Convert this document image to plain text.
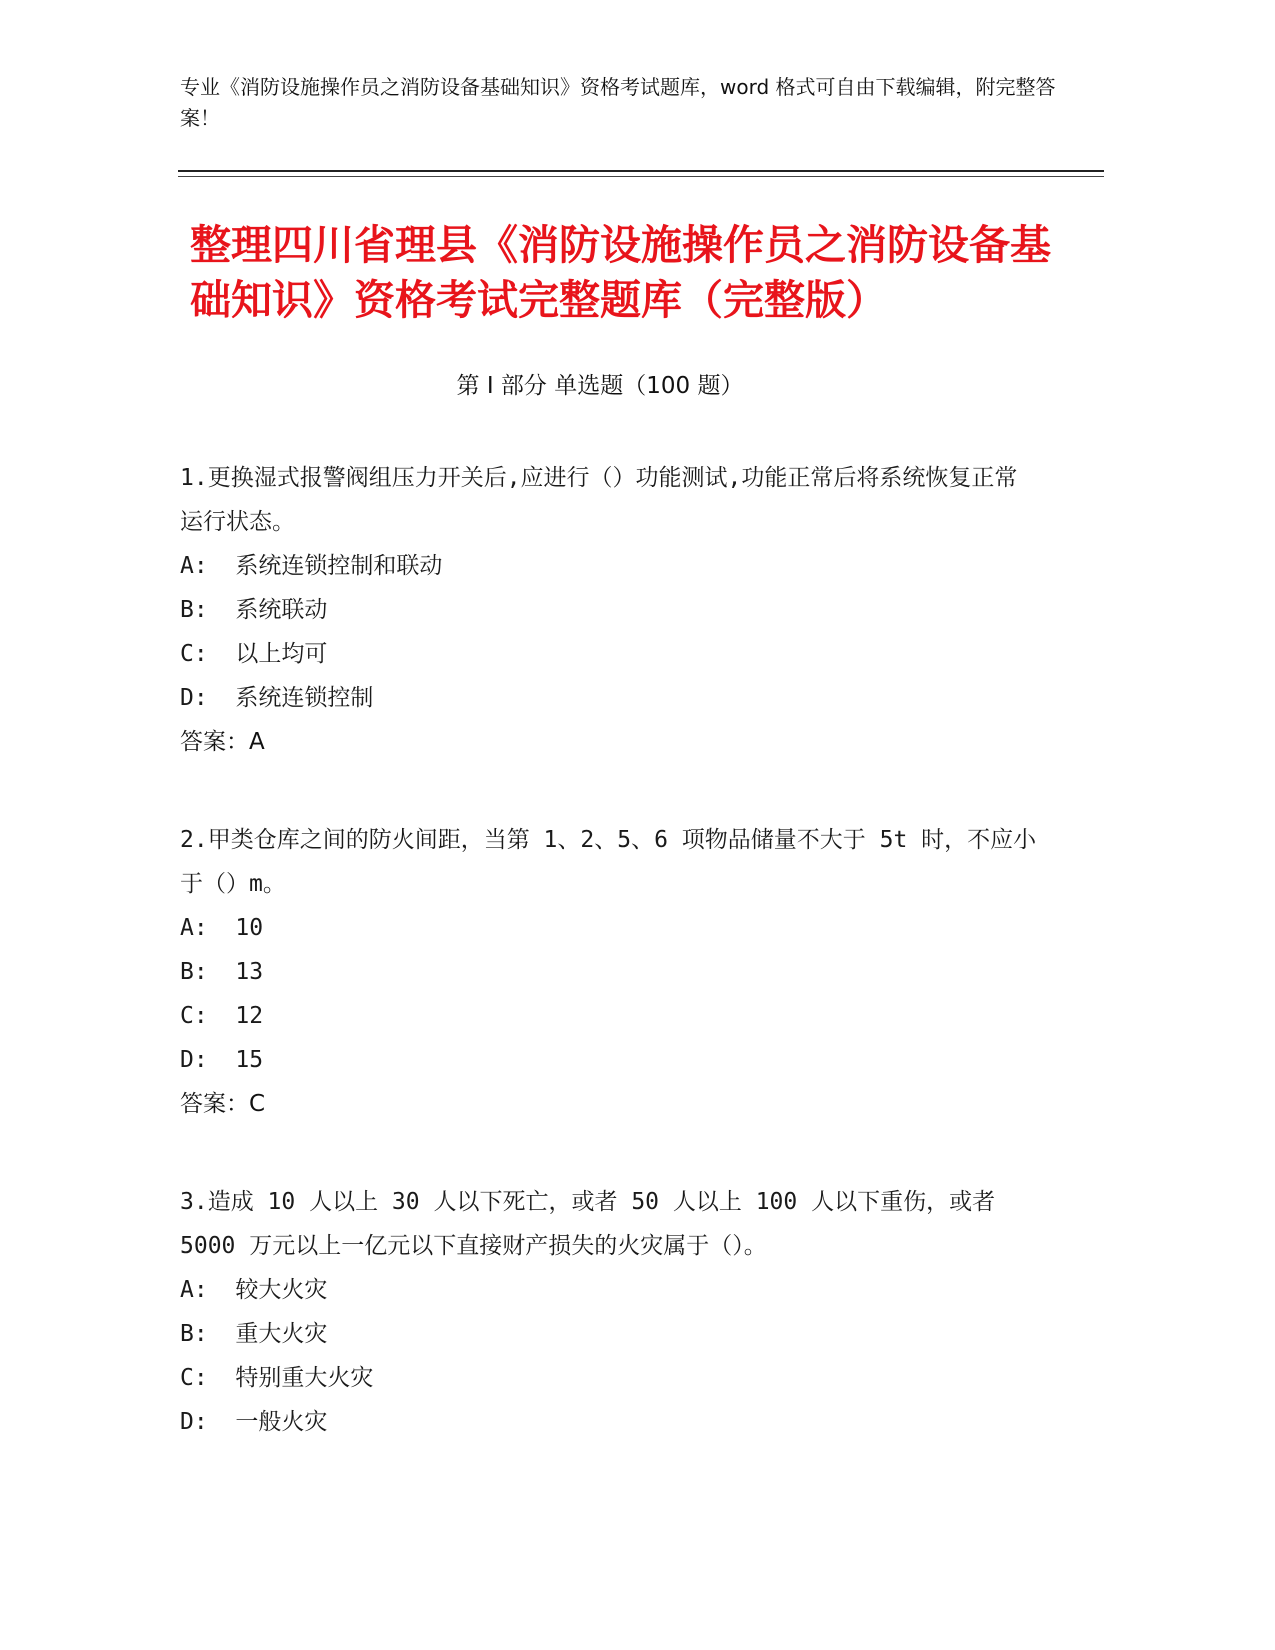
专业《消防设施操作员之消防设备基础知识》资格考试题库，word 格式可自由下载编辑，附完整答案！
整理四川省理县《消防设施操作员之消防设备基础知识》资格考试完整题库（完整版）
第 I 部分 单选题（100 题）
1.更换湿式报警阀组压力开关后,应进行（）功能测试,功能正常后将系统恢复正常运行状态。
A:  系统连锁控制和联动
B:  系统联动
C:  以上均可
D:  系统连锁控制
答案：A
2.甲类仓库之间的防火间距，当第 1、2、5、6 项物品储量不大于 5t 时，不应小于（）m。
A:  10
B:  13
C:  12
D:  15
答案：C
3.造成 10 人以上 30 人以下死亡，或者 50 人以上 100 人以下重伤，或者 5000 万元以上一亿元以下直接财产损失的火灾属于（）。
A:  较大火灾
B:  重大火灾
C:  特别重大火灾
D:  一般火灾
